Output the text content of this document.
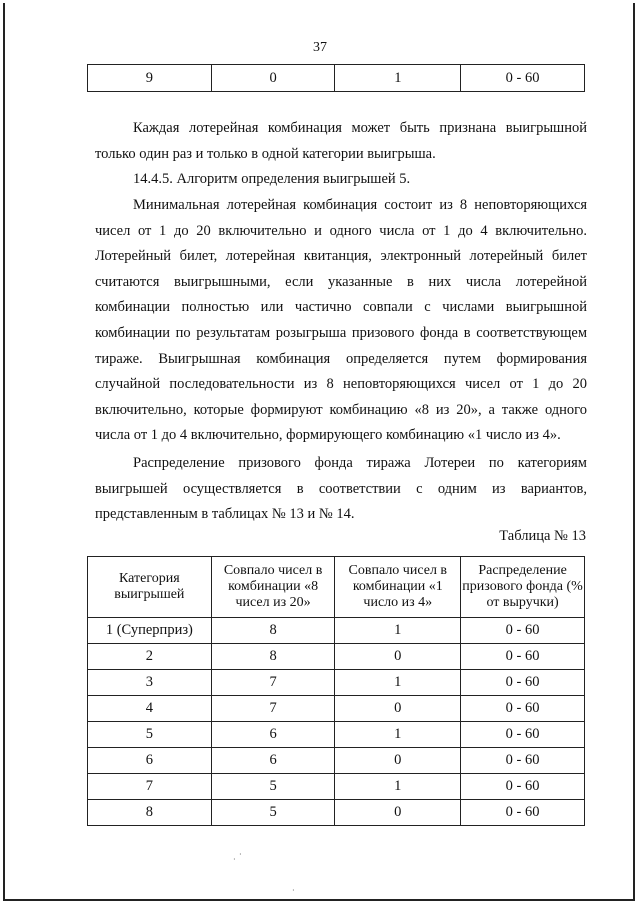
37
9	0	1	0 - 60

Каждая лотерейная комбинация может быть признана выигрышной только один раз и только в одной категории выигрыша.

14.4.5. Алгоритм определения выигрышей 5.

Минимальная лотерейная комбинация состоит из 8 неповторяющихся чисел от 1 до 20 включительно и одного числа от 1 до 4 включительно. Лотерейный билет, лотерейная квитанция, электронный лотерейный билет считаются выигрышными, если указанные в них числа лотерейной комбинации полностью или частично совпали с числами выигрышной комбинации по результатам розыгрыша призового фонда в соответствующем тираже. Выигрышная комбинация определяется путем формирования случайной последовательности из 8 неповторяющихся чисел от 1 до 20 включительно, которые формируют комбинацию «8 из 20», а также одного числа от 1 до 4 включительно, формирующего комбинацию «1 число из 4».

Распределение призового фонда тиража Лотереи по категориям выигрышей осуществляется в соответствии с одним из вариантов, представленным в таблицах № 13 и № 14.

Таблица № 13
Категория выигрышей	Совпало чисел в комбинации «8 чисел из 20»	Совпало чисел в комбинации «1 число из 4»	Распределение призового фонда (% от выручки)
1 (Суперприз)	8	1	0 - 60
2	8	0	0 - 60
3	7	1	0 - 60
4	7	0	0 - 60
5	6	1	0 - 60
6	6	0	0 - 60
7	5	1	0 - 60
8	5	0	0 - 60
·
·
·
